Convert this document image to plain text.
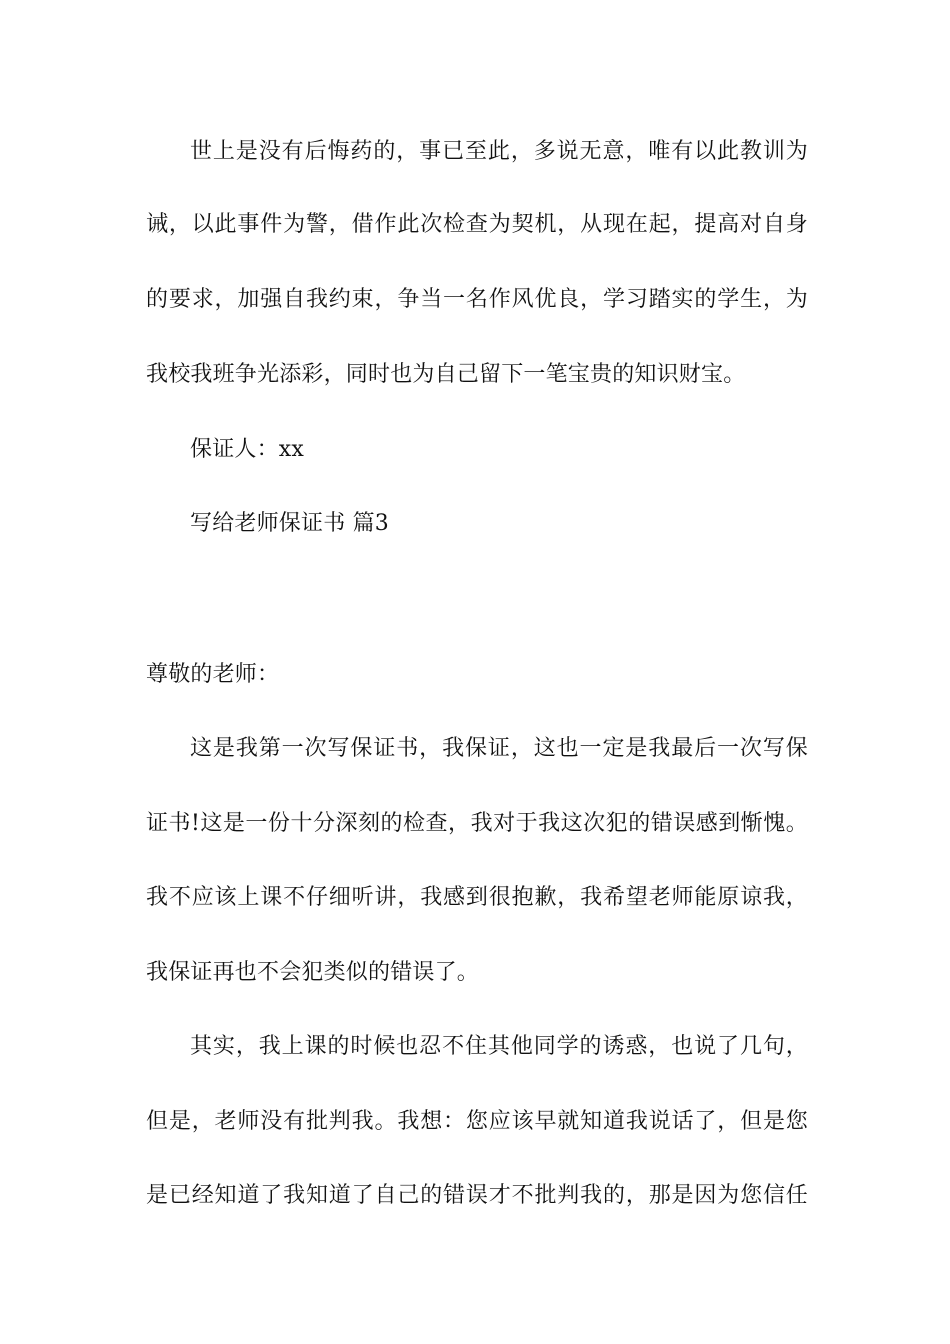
世上是没有后悔药的，事已至此，多说无意，唯有以此教训为
诫，以此事件为警，借作此次检查为契机，从现在起，提高对自身
的要求，加强自我约束，争当一名作风优良，学习踏实的学生，为
我校我班争光添彩，同时也为自己留下一笔宝贵的知识财宝。
保证人：xx
写给老师保证书 篇3
尊敬的老师：
这是我第一次写保证书，我保证，这也一定是我最后一次写保
证书!这是一份十分深刻的检查，我对于我这次犯的错误感到惭愧。
我不应该上课不仔细听讲，我感到很抱歉，我希望老师能原谅我，
我保证再也不会犯类似的错误了。
其实，我上课的时候也忍不住其他同学的诱惑，也说了几句，
但是，老师没有批判我。我想：您应该早就知道我说话了，但是您
是已经知道了我知道了自己的错误才不批判我的，那是因为您信任
